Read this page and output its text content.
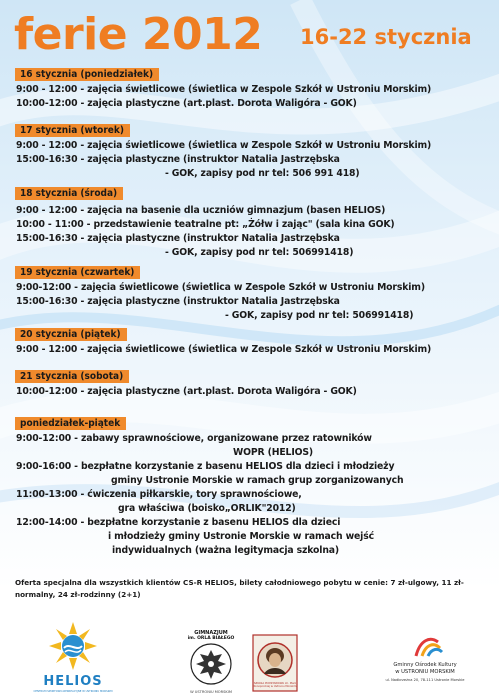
ferie 2012 16-22 stycznia
16 stycznia (poniedziałek)
9:00 - 12:00 - zajęcia świetlicowe (świetlica w Zespole Szkół w Ustroniu Morskim)
10:00-12:00 - zajęcia plastyczne (art.plast. Dorota Waligóra - GOK)
17 stycznia (wtorek)
9:00 - 12:00 - zajęcia świetlicowe (świetlica w Zespole Szkół w Ustroniu Morskim)
15:00-16:30 - zajęcia plastyczne (instruktor Natalia Jastrzębska
- GOK, zapisy pod nr tel: 506 991 418)
18 stycznia (środa)
9:00 - 12:00 - zajęcia na basenie dla uczniów gimnazjum (basen HELIOS)
10:00 - 11:00 - przedstawienie teatralne pt: „Żółw i zając" (sala kina GOK)
15:00-16:30 - zajęcia plastyczne (instruktor Natalia Jastrzębska
- GOK, zapisy pod nr tel: 506991418)
19 stycznia (czwartek)
9:00-12:00 - zajęcia świetlicowe (świetlica w Zespole Szkół w Ustroniu Morskim)
15:00-16:30 - zajęcia plastyczne (instruktor Natalia Jastrzębska
- GOK, zapisy pod nr tel: 506991418)
20 stycznia (piątek)
9:00 - 12:00 - zajęcia świetlicowe (świetlica w Zespole Szkół w Ustroniu Morskim)
21 stycznia (sobota)
10:00-12:00 - zajęcia plastyczne (art.plast. Dorota Waligóra - GOK)
poniedziałek-piątek
9:00-12:00 - zabawy sprawnościowe, organizowane przez ratowników
WOPR (HELIOS)
9:00-16:00 - bezpłatne korzystanie z basenu HELIOS dla dzieci i młodzieży
gminy Ustronie Morskie w ramach grup zorganizowanych
11:00-13:00 - ćwiczenia piłkarskie, tory sprawnościowe,
gra właściwa (boisko„ORLIK"2012)
12:00-14:00 - bezpłatne korzystanie z basenu HELIOS dla dzieci
i młodzieży gminy Ustronie Morskie w ramach wejść
indywidualnych (ważna legitymacja szkolna)
Oferta specjalna dla wszystkich klientów CS-R HELIOS, bilety całodniowego pobytu w cenie: 7 zł-ulgowy, 11 zł-normalny, 24 zł-rodzinny (2+1)
HELIOS
CENTRUM SPORTOWO-REKREACYJNE W USTRONIU MORSKIM
GIMNAZJUM
im. ORLA BIAŁEGO
W USTRONIU MORSKIM
SZKOŁA PODSTAWOWA im. Marii Konopnickiej w Ustroniu Morskim
Gminny Ośrodek Kultury
w USTRONIU MORSKIM
ul. Nadbrzeżna 20, 78-111 Ustronie Morskie
